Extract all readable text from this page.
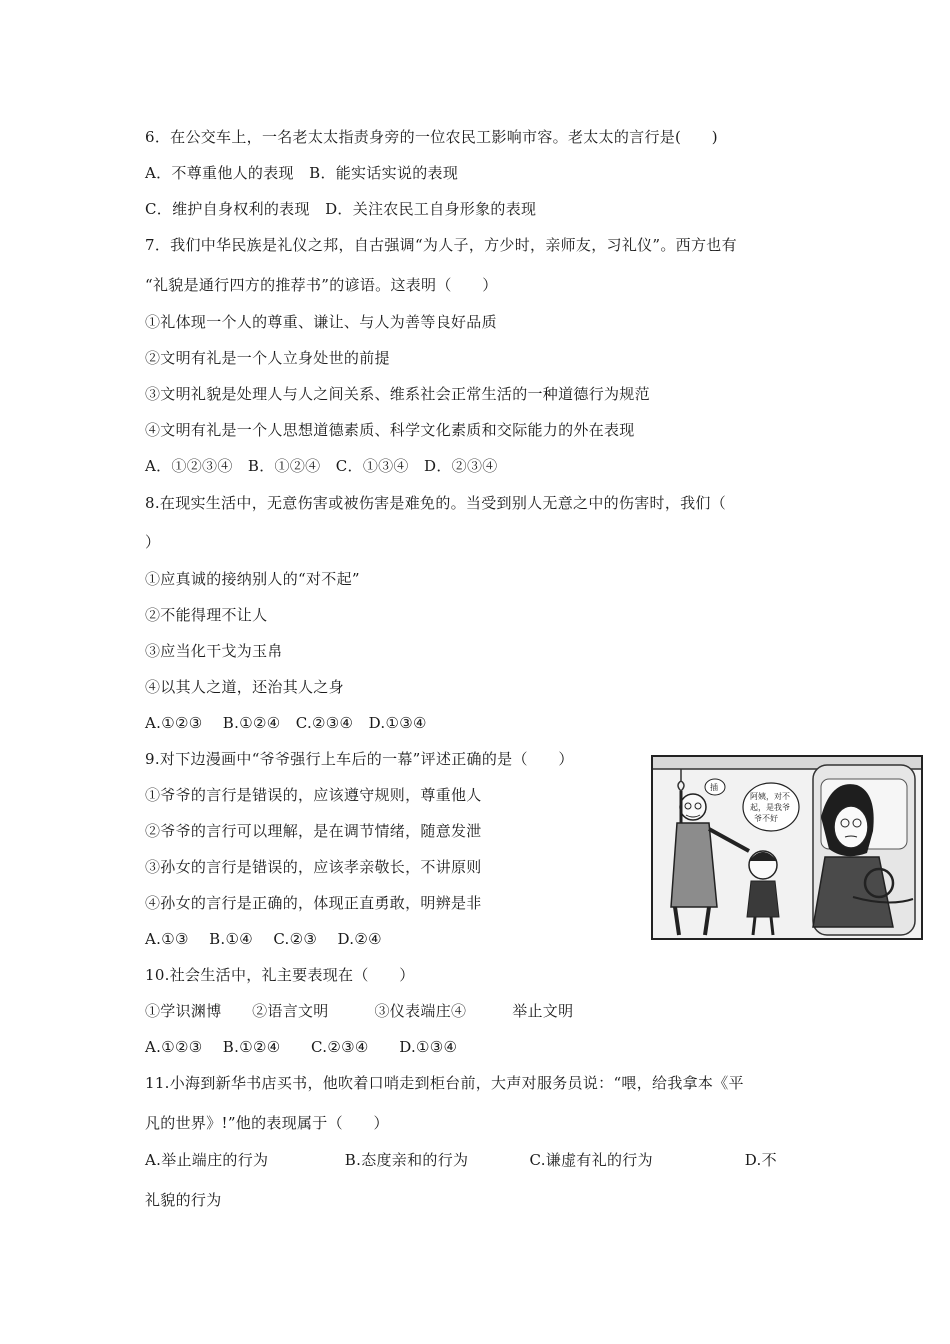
6．在公交车上，一名老太太指责身旁的一位农民工影响市容。老太太的言行是(　　)
A．不尊重他人的表现　B．能实话实说的表现
C．维护自身权利的表现　D．关注农民工自身形象的表现
7．我们中华民族是礼仪之邦，自古强调“为人子，方少时，亲师友，习礼仪”。西方也有
“礼貌是通行四方的推荐书”的谚语。这表明（　　）
①礼体现一个人的尊重、谦让、与人为善等良好品质
②文明有礼是一个人立身处世的前提
③文明礼貌是处理人与人之间关系、维系社会正常生活的一种道德行为规范
④文明有礼是一个人思想道德素质、科学文化素质和交际能力的外在表现
A．①②③④　B．①②④　C．①③④　D．②③④
8.在现实生活中，无意伤害或被伤害是难免的。当受到别人无意之中的伤害时，我们（
）
①应真诚的接纳别人的“对不起”
②不能得理不让人
③应当化干戈为玉帛
④以其人之道，还治其人之身
A.①②③　 B.①②④　C.②③④　D.①③④
9.对下边漫画中“爷爷强行上车后的一幕”评述正确的是（　　）
①爷爷的言行是错误的，应该遵守规则，尊重他人
②爷爷的言行可以理解，是在调节情绪，随意发泄
③孙女的言行是错误的，应该孝亲敬长，不讲原则
④孙女的言行是正确的，体现正直勇敢，明辨是非
A.①③　 B.①④　 C.②③　 D.②④
插
阿姨，对不
起，是我爷
爷不好
10.社会生活中，礼主要表现在（　　）
①学识渊博　　②语言文明　　　③仪表端庄④　　　举止文明
A.①②③　 B.①②④　　C.②③④　　D.①③④
11.小海到新华书店买书，他吹着口哨走到柜台前，大声对服务员说：“喂，给我拿本《平
凡的世界》!”他的表现属于（　　）
A.举止端庄的行为　　　　　B.态度亲和的行为　　　　C.谦虚有礼的行为　　　　　　D.不
礼貌的行为
